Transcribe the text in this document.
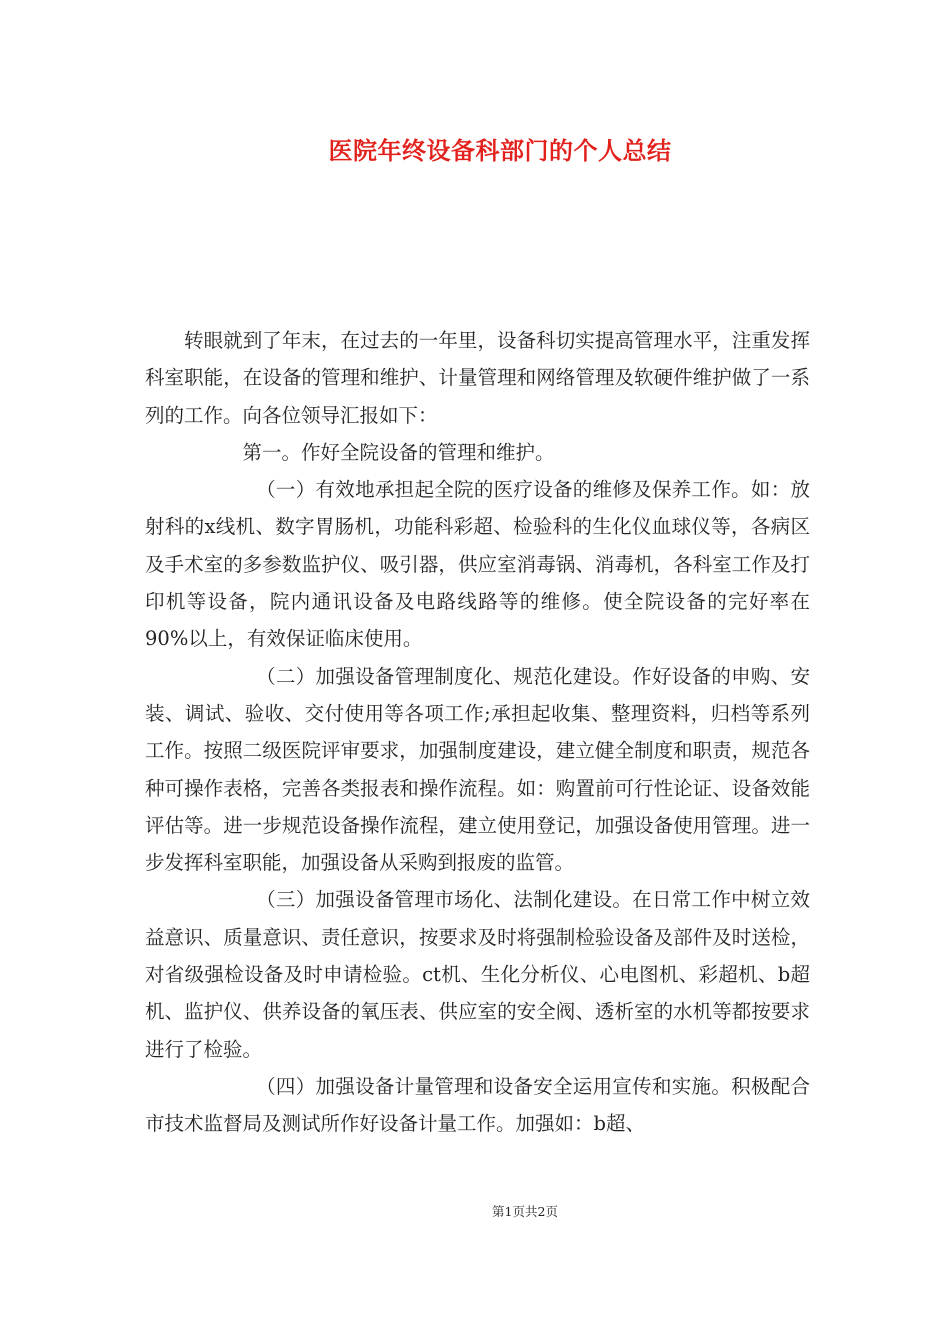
医院年终设备科部门的个人总结

转眼就到了年末，在过去的一年里，设备科切实提高管理水平，注重发挥科室职能，在设备的管理和维护、计量管理和网络管理及软硬件维护做了一系列的工作。向各位领导汇报如下：

第一。作好全院设备的管理和维护。

（一）有效地承担起全院的医疗设备的维修及保养工作。如：放射科的x线机、数字胃肠机，功能科彩超、检验科的生化仪血球仪等，各病区及手术室的多参数监护仪、吸引器，供应室消毒锅、消毒机，各科室工作及打印机等设备，院内通讯设备及电路线路等的维修。使全院设备的完好率在90%以上，有效保证临床使用。

（二）加强设备管理制度化、规范化建设。作好设备的申购、安装、调试、验收、交付使用等各项工作;承担起收集、整理资料，归档等系列工作。按照二级医院评审要求，加强制度建设，建立健全制度和职责，规范各种可操作表格，完善各类报表和操作流程。如：购置前可行性论证、设备效能评估等。进一步规范设备操作流程，建立使用登记，加强设备使用管理。进一步发挥科室职能，加强设备从采购到报废的监管。

（三）加强设备管理市场化、法制化建设。在日常工作中树立效益意识、质量意识、责任意识，按要求及时将强制检验设备及部件及时送检，对省级强检设备及时申请检验。ct机、生化分析仪、心电图机、彩超机、b超机、监护仪、供养设备的氧压表、供应室的安全阀、透析室的水机等都按要求进行了检验。

（四）加强设备计量管理和设备安全运用宣传和实施。积极配合市技术监督局及测试所作好设备计量工作。加强如：b超、

第1页共2页
